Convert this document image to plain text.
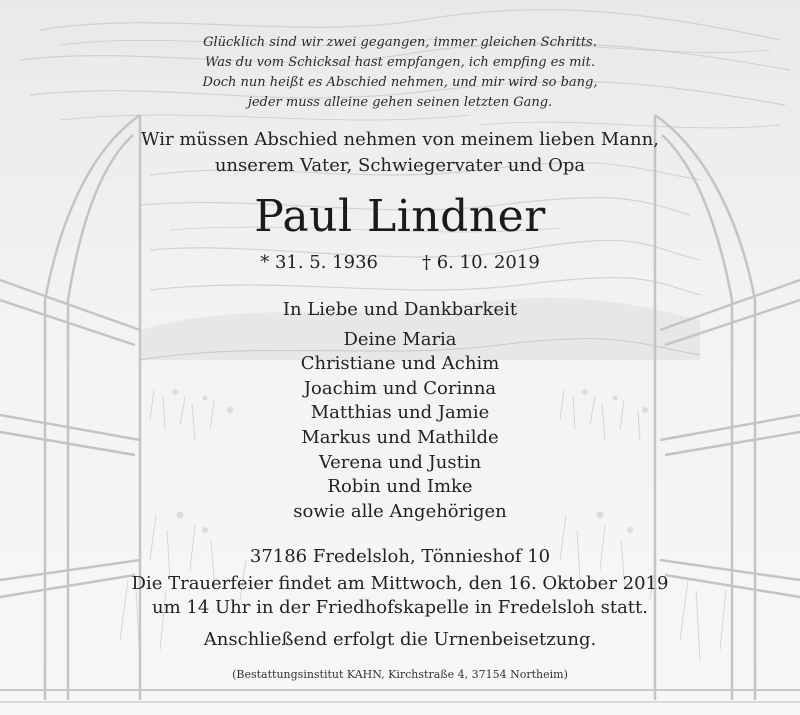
Glücklich sind wir zwei gegangen, immer gleichen Schritts.
Was du vom Schicksal hast empfangen, ich empfing es mit.
Doch nun heißt es Abschied nehmen, und mir wird so bang,
jeder muss alleine gehen seinen letzten Gang.
Wir müssen Abschied nehmen von meinem lieben Mann,
unserem Vater, Schwiegervater und Opa
Paul Lindner
* 31. 5. 1936 † 6. 10. 2019
In Liebe und Dankbarkeit
Deine Maria
Christiane und Achim
Joachim und Corinna
Matthias und Jamie
Markus und Mathilde
Verena und Justin
Robin und Imke
sowie alle Angehörigen
37186 Fredelsloh, Tönnieshof 10
Die Trauerfeier findet am Mittwoch, den 16. Oktober 2019
um 14 Uhr in der Friedhofskapelle in Fredelsloh statt.
Anschließend erfolgt die Urnenbeisetzung.
(Bestattungsinstitut KAHN, Kirchstraße 4, 37154 Northeim)
